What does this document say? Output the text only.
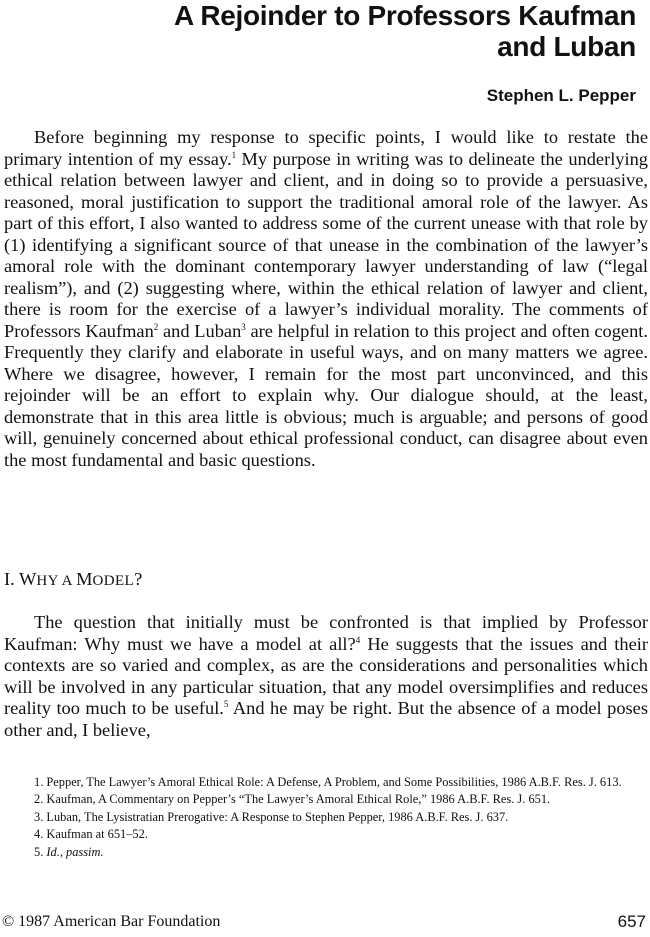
A Rejoinder to Professors Kaufman
and Luban
Stephen L. Pepper

Before beginning my response to specific points, I would like to restate the primary intention of my essay.$^1$ My purpose in writing was to delineate the underlying ethical relation between lawyer and client, and in doing so to provide a persuasive, reasoned, moral justification to support the traditional amoral role of the lawyer. As part of this effort, I also wanted to address some of the current unease with that role by (1) identifying a significant source of that unease in the combination of the lawyer’s amoral role with the dominant contemporary lawyer understanding of law (“legal realism”), and (2) suggesting where, within the ethical relation of lawyer and client, there is room for the exercise of a lawyer’s individual morality. The comments of Professors Kaufman$^2$ and Luban$^3$ are helpful in relation to this project and often cogent. Frequently they clarify and elaborate in useful ways, and on many matters we agree. Where we disagree, however, I remain for the most part unconvinced, and this rejoinder will be an effort to explain why. Our dialogue should, at the least, demonstrate that in this area little is obvious; much is arguable; and persons of good will, genuinely concerned about ethical professional conduct, can disagree about even the most fundamental and basic questions.

I. WHY A MODEL?

The question that initially must be confronted is that implied by Professor Kaufman: Why must we have a model at all?$^4$ He suggests that the issues and their contexts are so varied and complex, as are the considerations and personalities which will be involved in any particular situation, that any model oversimplifies and reduces reality too much to be useful.$^5$ And he may be right. But the absence of a model poses other and, I believe,

1. Pepper, The Lawyer’s Amoral Ethical Role: A Defense, A Problem, and Some Possibilities, 1986 A.B.F. Res. J. 613.
2. Kaufman, A Commentary on Pepper’s “The Lawyer’s Amoral Ethical Role,” 1986 A.B.F. Res. J. 651.
3. Luban, The Lysistratian Prerogative: A Response to Stephen Pepper, 1986 A.B.F. Res. J. 637.
4. Kaufman at 651–52.
5. Id., passim.
© 1987 American Bar Foundation	657
